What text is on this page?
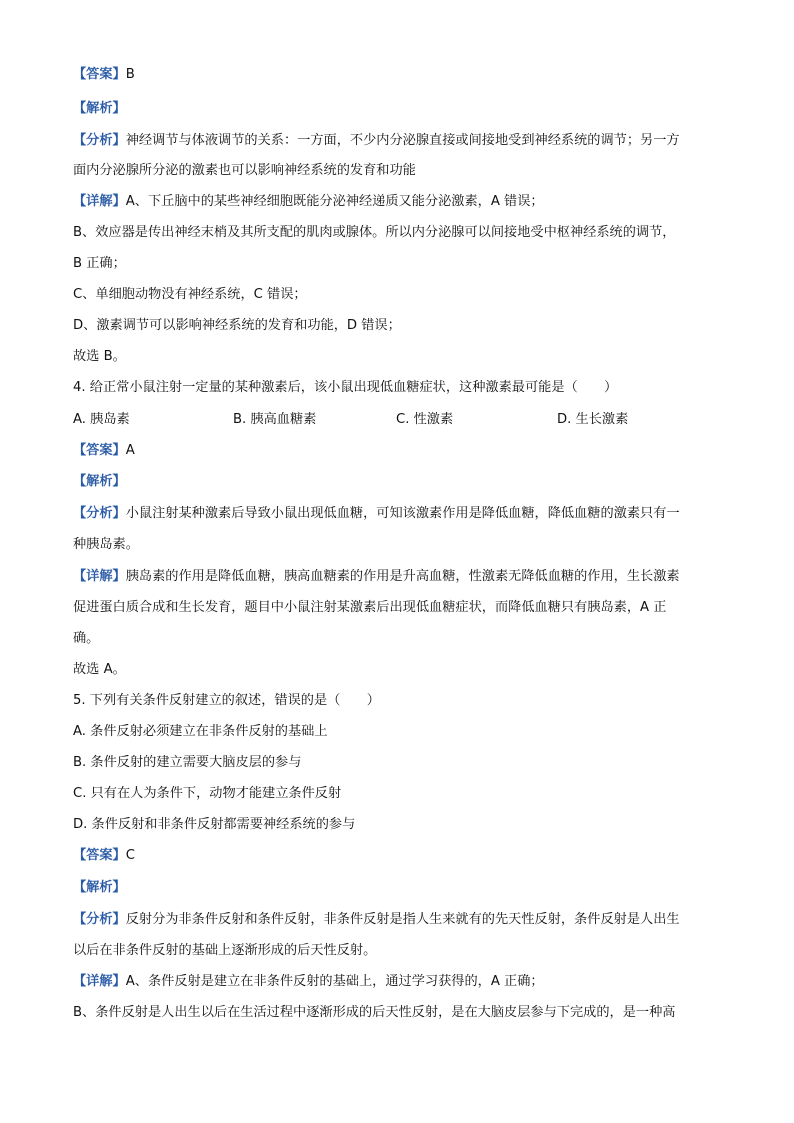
【答案】B
【解析】
【分析】神经调节与体液调节的关系：一方面，不少内分泌腺直接或间接地受到神经系统的调节；另一方
面内分泌腺所分泌的激素也可以影响神经系统的发育和功能
【详解】A、下丘脑中的某些神经细胞既能分泌神经递质又能分泌激素，A 错误；
B、效应器是传出神经末梢及其所支配的肌肉或腺体。所以内分泌腺可以间接地受中枢神经系统的调节，
B 正确；
C、单细胞动物没有神经系统，C 错误；
D、激素调节可以影响神经系统的发育和功能，D 错误；
故选 B。
4. 给正常小鼠注射一定量的某种激素后，该小鼠出现低血糖症状，这种激素最可能是（　　）
A. 胰岛素	B. 胰高血糖素	C. 性激素	D. 生长激素
【答案】A
【解析】
【分析】小鼠注射某种激素后导致小鼠出现低血糖，可知该激素作用是降低血糖，降低血糖的激素只有一
种胰岛素。
【详解】胰岛素的作用是降低血糖，胰高血糖素的作用是升高血糖，性激素无降低血糖的作用，生长激素
促进蛋白质合成和生长发育，题目中小鼠注射某激素后出现低血糖症状，而降低血糖只有胰岛素，A 正
确。
故选 A。
5. 下列有关条件反射建立的叙述，错误的是（　　）
A. 条件反射必须建立在非条件反射的基础上
B. 条件反射的建立需要大脑皮层的参与
C. 只有在人为条件下，动物才能建立条件反射
D. 条件反射和非条件反射都需要神经系统的参与
【答案】C
【解析】
【分析】反射分为非条件反射和条件反射，非条件反射是指人生来就有的先天性反射，条件反射是人出生
以后在非条件反射的基础上逐渐形成的后天性反射。
【详解】A、条件反射是建立在非条件反射的基础上，通过学习获得的，A 正确；
B、条件反射是人出生以后在生活过程中逐渐形成的后天性反射，是在大脑皮层参与下完成的，是一种高
